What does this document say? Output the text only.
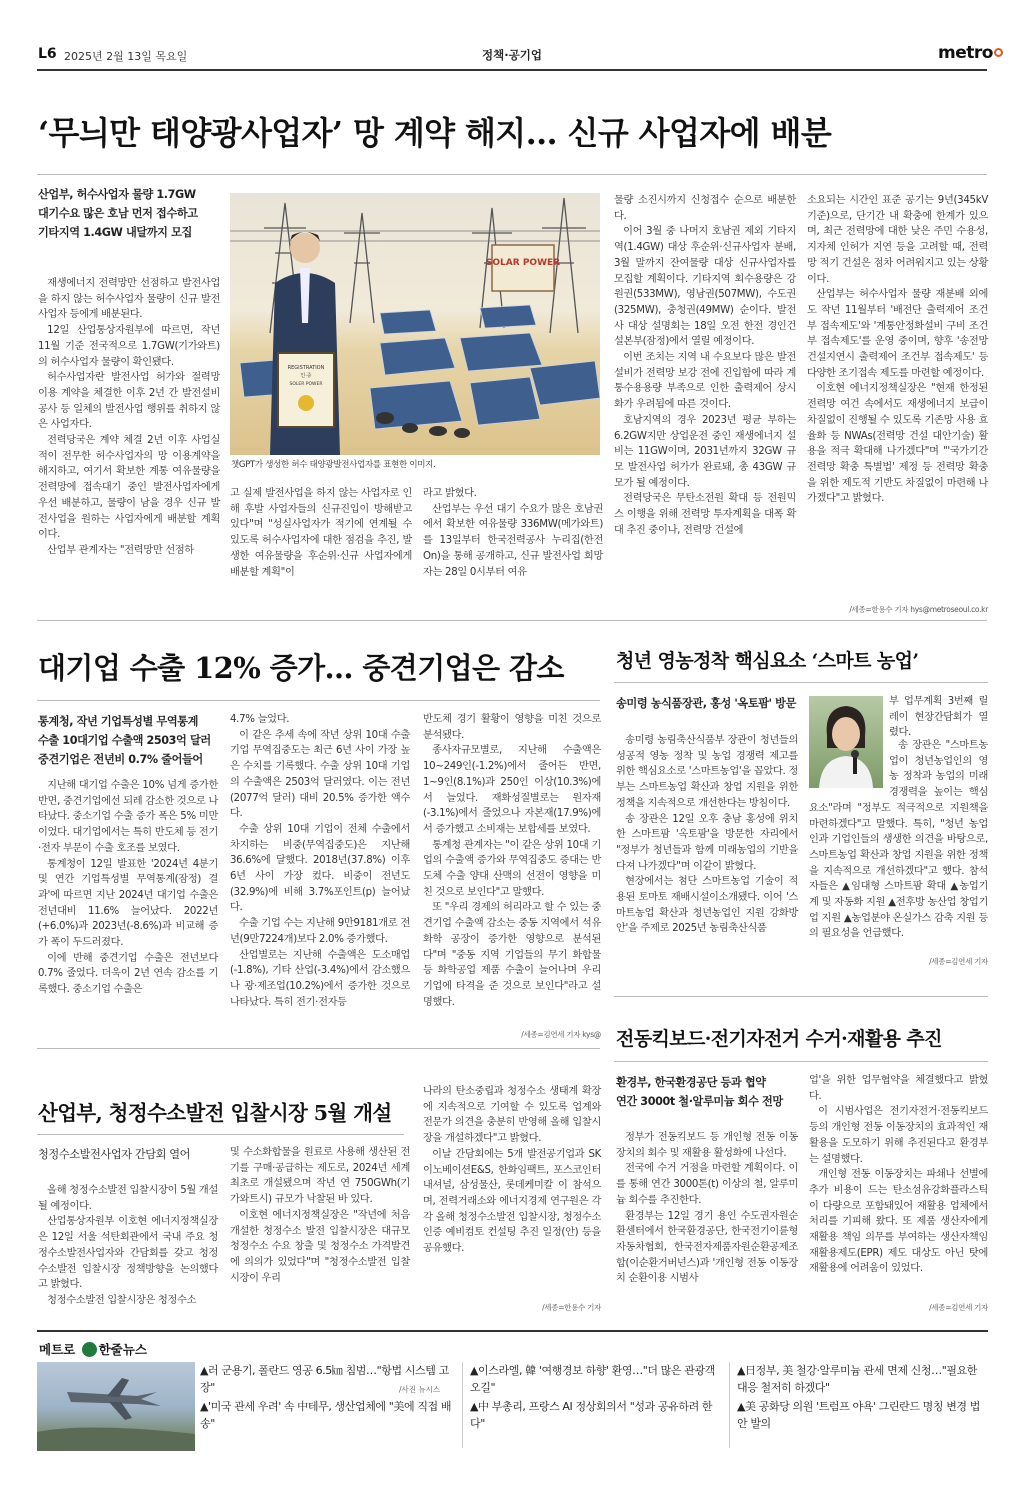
L6 2025년 2월 13일 목요일	정책·공기업	metro
‘무늬만 태양광사업자’ 망 계약 해지… 신규 사업자에 배분
산업부, 허수사업자 물량 1.7GW
대기수요 많은 호남 먼저 접수하고
기타지역 1.4GW 내달까지 모집

재생에너지 전력망만 선점하고 발전사업을 하지 않는 허수사업자 물량이 신규 발전사업자 등에게 배분된다.

12일 산업통상자원부에 따르면, 작년 11월 기준 전국적으로 1.7GW(기가와트)의 허수사업자 물량이 확인됐다.

허수사업자란 발전사업 허가와 절력망 이용 계약을 체결한 이후 2년 간 발전설비 공사 등 일체의 발전사업 행위를 취하지 않은 사업자다.

전력당국은 계약 체결 2년 이후 사업실적이 전무한 허수사업자의 망 이용계약을 해지하고, 여기서 확보한 계통 여유물량을 전력망에 접속대기 중인 발전사업자에게 우선 배분하고, 물량이 남을 경우 신규 발전사업을 원하는 사업자에게 배분할 계획이다.

산업부 관계자는 "전력망만 선점하

SOLAR POWER
REGISTRATION
인·증
SOLER POWER
챗GPT가 생성한 허수 태양광발전사업자를 표현한 이미지.

고 실제 발전사업을 하지 않는 사업자로 인해 후발 사업자들의 신규진입이 방해받고 있다"며 "성실사업자가 적기에 연계될 수 있도록 허수사업자에 대한 점검을 추진, 발생한 여유물량을 후순위·신규 사업자에게 배분할 계획"이

라고 밝혔다.

산업부는 우선 대기 수요가 많은 호남권에서 확보한 여유물량 336MW(메가와트)를 13일부터 한국전력공사 누리집(한전On)을 통해 공개하고, 신규 발전사업 희망자는 28일 0시부터 여유

물량 소진시까지 신청접수 순으로 배분한다.

이어 3월 중 나머지 호남권 제외 기타지역(1.4GW) 대상 후순위·신규사업자 분배, 3월 말까지 잔여물량 대상 신규사업자를 모집할 계획이다. 기타지역 회수용량은 강원권(533MW), 영남권(507MW), 수도권(325MW), 충청권(49MW) 순이다. 발전사 대상 설명회는 18일 오전 한전 경인건설본부(잠정)에서 열릴 예정이다.

이번 조치는 지역 내 수요보다 많은 발전설비가 전력망 보강 전에 진입함에 따라 계통수용용량 부족으로 인한 출력제어 상시화가 우려됨에 따른 것이다.

호남지역의 경우 2023년 평균 부하는 6.2GW지만 상업운전 중인 재생에너지 설비는 11GW이며, 2031년까지 32GW 규모 발전사업 허가가 완료돼, 총 43GW 규모가 될 예정이다.

전력당국은 무탄소전원 확대 등 전원믹스 이행을 위해 전력망 투자계획을 대폭 확대 추진 중이나, 전력망 건설에

소요되는 시간인 표준 공기는 9년(345kV 기준)으로, 단기간 내 확충에 한계가 있으며, 최근 전력망에 대한 낮은 주민 수용성, 지자체 인허가 지연 등을 고려할 때, 전력망 적기 건설은 점차 어려워지고 있는 상황이다.

산업부는 허수사업자 물량 재분배 외에도 작년 11월부터 '배전단 출력제어 조건부 접속제도'와 '계통안정화설비 구비 조건부 접속제도'를 운영 중이며, 향후 '송전망 건설지연시 출력제어 조건부 접속제도' 등 다양한 조기접속 제도를 마련할 예정이다.

이호현 에너지정책실장은 "현재 한정된 전력망 여건 속에서도 재생에너지 보급이 차질없이 진행될 수 있도록 기존망 사용 효율화 등 NWAs(전력망 건설 대안기술) 활용을 적극 확대해 나가겠다"며 "'국가기간 전력망 확충 특별법' 제정 등 전력망 확충을 위한 제도적 기반도 차질없이 마련해 나가겠다"고 밝혔다.

/세종=한용수 기자 hys@metroseoul.co.kr
대기업 수출 12% 증가… 중견기업은 감소
통계청, 작년 기업특성별 무역통계
수출 10대기업 수출액 2503억 달러
중견기업은 전년비 0.7% 줄어들어

지난해 대기업 수출은 10% 넘게 증가한 반면, 중견기업에선 되레 감소한 것으로 나타났다. 중소기업 수출 증가 폭은 5% 미만이었다. 대기업에서는 특히 반도체 등 전기·전자 부문이 수출 호조를 보였다.

통계청이 12일 발표한 '2024년 4분기 및 연간 기업특성별 무역통계(잠정) 결과'에 따르면 지난 2024년 대기업 수출은 전년대비 11.6% 늘어났다. 2022년(+6.0%)과 2023년(-8.6%)과 비교해 증가 폭이 두드러졌다.

이에 반해 중견기업 수출은 전년보다 0.7% 줄었다. 더욱이 2년 연속 감소를 기록했다. 중소기업 수출은

4.7% 늘었다.

이 같은 추세 속에 작년 상위 10대 수출기업 무역집중도는 최근 6년 사이 가장 높은 수치를 기록했다. 수출 상위 10대 기업의 수출액은 2503억 달러였다. 이는 전년(2077억 달러) 대비 20.5% 증가한 액수다.

수출 상위 10대 기업이 전체 수출에서 차지하는 비중(무역집중도)은 지난해 36.6%에 달했다. 2018년(37.8%) 이후 6년 사이 가장 컸다. 비중이 전년도(32.9%)에 비해 3.7%포인트(p) 늘어났다.

수출 기업 수는 지난해 9만9181개로 전년(9만7224개)보다 2.0% 증가했다.

산업별로는 지난해 수출액은 도소매업(-1.8%), 기타 산업(-3.4%)에서 감소했으나 광·제조업(10.2%)에서 증가한 것으로 나타났다. 특히 전기·전자등

반도체 경기 활황이 영향을 미친 것으로 분석됐다.

종사자규모별로, 지난해 수출액은 10~249인(-1.2%)에서 줄어든 반면, 1~9인(8.1%)과 250인 이상(10.3%)에서 늘었다. 재화성질별로는 원자재(-3.1%)에서 줄었으나 자본재(17.9%)에서 증가했고 소비재는 보합세를 보였다.

통계청 관계자는 "이 같은 상위 10대 기업의 수출액 증가와 무역집중도 증대는 반도체 수출 양대 산맥의 선전이 영향을 미친 것으로 보인다"고 말했다.

또 "우리 경제의 허리라고 할 수 있는 중견기업 수출액 감소는 중동 지역에서 석유화학 공장이 증가한 영향으로 분석된다"며 "중동 지역 기업들의 무기 화합물 등 화학공업 제품 수출이 늘어나며 우리 기업에 타격을 준 것으로 보인다"라고 설명했다.

/세종=김연세 기자 kys@
청년 영농정착 핵심요소 ‘스마트 농업’
송미령 농식품장관, 홍성 '옥토팜' 방문

송미령 농림축산식품부 장관이 청년들의 성공적 영농 정착 및 농업 경쟁력 제고를 위한 핵심요소로 '스마트농업'을 꼽았다. 정부는 스마트농업 확산과 창업 지원을 위한 정책을 지속적으로 개선한다는 방침이다.

송 장관은 12일 오후 충남 홍성에 위치한 스마트팜 '옥토팜'을 방문한 자리에서 "정부가 청년들과 함께 미래농업의 기반을 다져 나가겠다"며 이같이 밝혔다.

현장에서는 첨단 스마트농업 기술이 적용된 토마토 재배시설이소개됐다. 이어 '스마트농업 확산과 청년농업인 지원 강화방안'을 주제로 2025년 농림축산식품

부 업무계획 3번째 릴레이 현장간담회가 열렸다.

송 장관은 "스마트농업이 청년농업인의 영농 정착과 농업의 미래 경쟁력을 높이는 핵심요소"라며 "정부도 적극적으로 지원책을 마련하겠다"고 말했다. 특히, "청년 농업인과 기업인들의 생생한 의견을 바탕으로, 스마트농업 확산과 창업 지원을 위한 정책을 지속적으로 개선하겠다"고 했다. 참석자들은 ▲임대형 스마트팜 확대 ▲농업기계 및 자동화 지원 ▲전후방 농산업 창업기업 지원 ▲농업분야 온실가스 감축 지원 등의 필요성을 언급했다.

/세종=김연세 기자
산업부, 청정수소발전 입찰시장 5월 개설
청정수소발전사업자 간담회 열어

올해 청정수소발전 입찰시장이 5월 개설될 예정이다.

산업통상자원부 이호현 에너지정책실장은 12일 서울 석탄회관에서 국내 주요 청정수소발전사업자와 간담회를 갖고 청정수소발전 입찰시장 정책방향을 논의했다고 밝혔다.

청정수소발전 입찰시장은 청정수소

및 수소화합물을 원료로 사용해 생산된 전기를 구매·공급하는 제도로, 2024년 세계 최초로 개설됐으며 작년 연 750GWh(기가와트시) 규모가 낙찰된 바 있다.

이호현 에너지정책실장은 "작년에 처음 개설한 청정수소 발전 입찰시장은 대규모 청정수소 수요 창출 및 청정수소 가격발견에 의의가 있었다"며 "청정수소발전 입찰시장이 우리

나라의 탄소중립과 청정수소 생태계 확장에 지속적으로 기여할 수 있도록 업계와 전문가 의견을 충분히 반영해 올해 입찰시장을 개설하겠다"고 밝혔다.

이날 간담회에는 5개 발전공기업과 SK이노베이션E&S, 한화임팩트, 포스코인터내셔널, 삼성물산, 롯데케미칼 이 참석으며, 전력거래소와 에너지경제 연구원은 각각 올해 청정수소발전 입찰시장, 청정수소인증 예비컴토 컨설팅 추진 일정(안) 등을 공유했다.

/세종=한용수 기자
전동킥보드·전기자전거 수거·재활용 추진
환경부, 한국환경공단 등과 협약
연간 3000t 철·알루미늄 회수 전망

정부가 전동킥보드 등 개인형 전동 이동장치의 회수 및 재활용 활성화에 나선다.

전국에 수거 거점을 마련할 계획이다. 이를 통해 연간 3000톤(t) 이상의 철, 알루미늄 회수를 추진한다.

환경부는 12일 경기 용인 수도권자원순환센터에서 한국환경공단, 한국전기이륜형자동차협회, 한국전자제품자원순환공제조합(이순환거버넌스)과 '개인형 전동 이동장치 순환이용 시범사

업'을 위한 업무협약을 체결했다고 밝혔다.

이 시범사업은 전기자전거·전동킥보드 등의 개인형 전동 이동장치의 효과적인 재활용을 도모하기 위해 추진된다고 환경부는 설명했다.

개인형 전동 이동장치는 파쇄나 선별에 추가 비용이 드는 탄소섬유강화플라스틱이 다량으로 포함돼있어 재활용 업체에서 처리를 기피해 왔다. 또 제품 생산자에게 재활용 책임 의무를 부여하는 생산자책임재활용제도(EPR) 제도 대상도 아닌 탓에 재활용에 어려움이 있었다.

/세종=김연세 기자
메트로 한줄뉴스
/사진 뉴시스
▲러 군용기, 폴란드 영공 6.5㎞ 침범…"항법 시스템 고장"
▲'미국 관세 우려' 속 中테무, 생산업체에 "美에 직접 배송"
▲이스라엘, 韓 '여행경보 하향' 환영…"더 많은 관광객 오길"
▲中 부총리, 프랑스 AI 정상회의서 "성과 공유하려 한다"
▲日정부, 美 철강·알루미늄 관세 면제 신청…"필요한 대응 철저히 하겠다"
▲美 공화당 의원 '트럼프 야욕' 그린란드 명칭 변경 법안 발의
